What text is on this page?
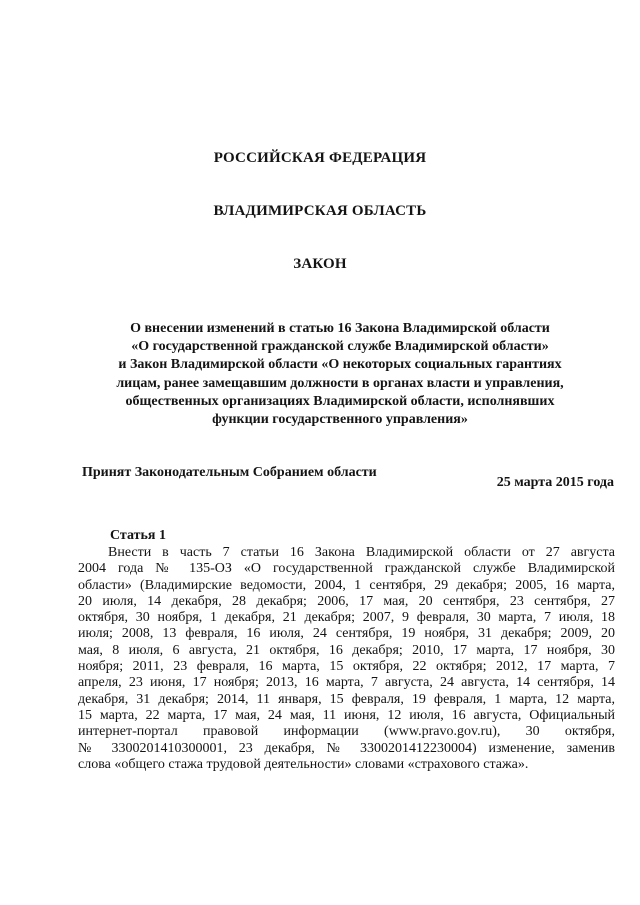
РОССИЙСКАЯ ФЕДЕРАЦИЯ
ВЛАДИМИРСКАЯ ОБЛАСТЬ
ЗАКОН
О внесении изменений в статью 16 Закона Владимирской области
«О государственной гражданской службе Владимирской области»
и Закон Владимирской области «О некоторых социальных гарантиях
лицам, ранее замещавшим должности в органах власти и управления,
общественных организациях Владимирской области, исполнявших
функции государственного управления»
Принят Законодательным Собранием области
25 марта 2015 года
Статья 1
Внести в часть 7 статьи 16 Закона Владимирской области от 27 августа
2004 года № 135-ОЗ «О государственной гражданской службе Владимирской
области» (Владимирские ведомости, 2004, 1 сентября, 29 декабря; 2005, 16 марта,
20 июля, 14 декабря, 28 декабря; 2006, 17 мая, 20 сентября, 23 сентября, 27
октября, 30 ноября, 1 декабря, 21 декабря; 2007, 9 февраля, 30 марта, 7 июля, 18
июля; 2008, 13 февраля, 16 июля, 24 сентября, 19 ноября, 31 декабря; 2009, 20
мая, 8 июля, 6 августа, 21 октября, 16 декабря; 2010, 17 марта, 17 ноября, 30
ноября; 2011, 23 февраля, 16 марта, 15 октября, 22 октября; 2012, 17 марта, 7
апреля, 23 июня, 17 ноября; 2013, 16 марта, 7 августа, 24 августа, 14 сентября, 14
декабря, 31 декабря; 2014, 11 января, 15 февраля, 19 февраля, 1 марта, 12 марта,
15 марта, 22 марта, 17 мая, 24 мая, 11 июня, 12 июля, 16 августа, Официальный
интернет-портал правовой информации (www.pravo.gov.ru), 30 октября,
№ 3300201410300001, 23 декабря, № 3300201412230004) изменение, заменив
слова «общего стажа трудовой деятельности» словами «страхового стажа».
